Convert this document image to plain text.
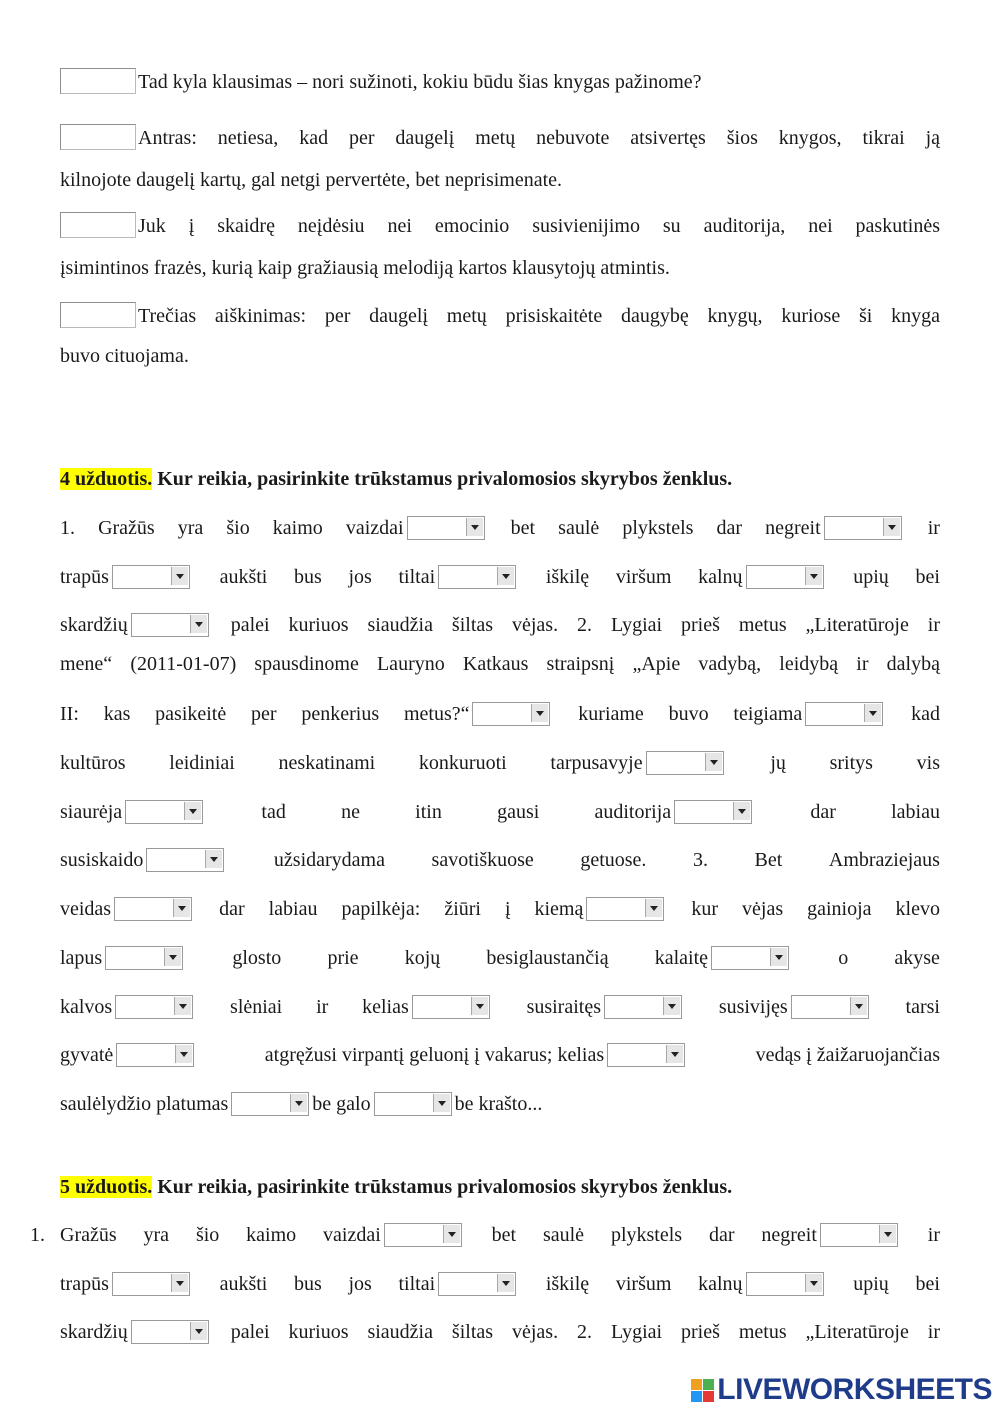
Tad kyla klausimas – nori sužinoti, kokiu būdu šias knygas pažinome?
Antras: netiesa, kad per daugelį metų nebuvote atsivertęs šios knygos, tikrai ją
kilnojote daugelį kartų, gal netgi pervertėte, bet neprisimenate.
Juk į skaidrę neįdėsiu nei emocinio susivienijimo su auditorija, nei paskutinės
įsimintinos frazės, kurią kaip gražiausią melodiją kartos klausytojų atmintis.
Trečias aiškinimas: per daugelį metų prisiskaitėte daugybę knygų, kuriose ši knyga
buvo cituojama.
4 užduotis. Kur reikia, pasirinkite trūkstamus privalomosios skyrybos ženklus.
1. Gražūs yra šio kaimo vaizdai	bet saulė plykstels dar negreit	ir
trapūs	aukšti bus jos tiltai	iškilę viršum kalnų	upių bei
skardžių	palei kuriuos siaudžia šiltas vėjas. 2. Lygiai prieš metus „Literatūroje ir
mene“ (2011-01-07) spausdinome Lauryno Katkaus straipsnį „Apie vadybą, leidybą ir dalybą
II: kas pasikeitė per penkerius metus?“	kuriame buvo teigiama	kad
kultūros leidiniai neskatinami konkuruoti tarpusavyje	jų sritys vis
siaurėja	tad	ne	itin	gausi	auditorija	dar	labiau
susiskaido	užsidarydama savotiškuose getuose. 3. Bet Ambraziejaus
veidas	dar labiau papilkėja: žiūri į kiemą	kur vėjas gainioja klevo
lapus	glosto prie kojų besiglaustančią kalaitę	o akyse
kalvos	slėniai ir kelias	susiraitęs	susivijęs	tarsi
gyvatė	atgręžusi virpantį geluonį į vakarus; kelias	vedąs į žaižaruojančias
saulėlydžio platumas	be galo	be krašto...
5 užduotis. Kur reikia, pasirinkite trūkstamus privalomosios skyrybos ženklus.
1. Gražūs yra šio kaimo vaizdai	bet saulė plykstels dar negreit	ir
trapūs	aukšti bus jos tiltai	iškilę viršum kalnų	upių bei
skardžių	palei kuriuos siaudžia šiltas vėjas. 2. Lygiai prieš metus „Literatūroje ir
LIVEWORKSHEETS
